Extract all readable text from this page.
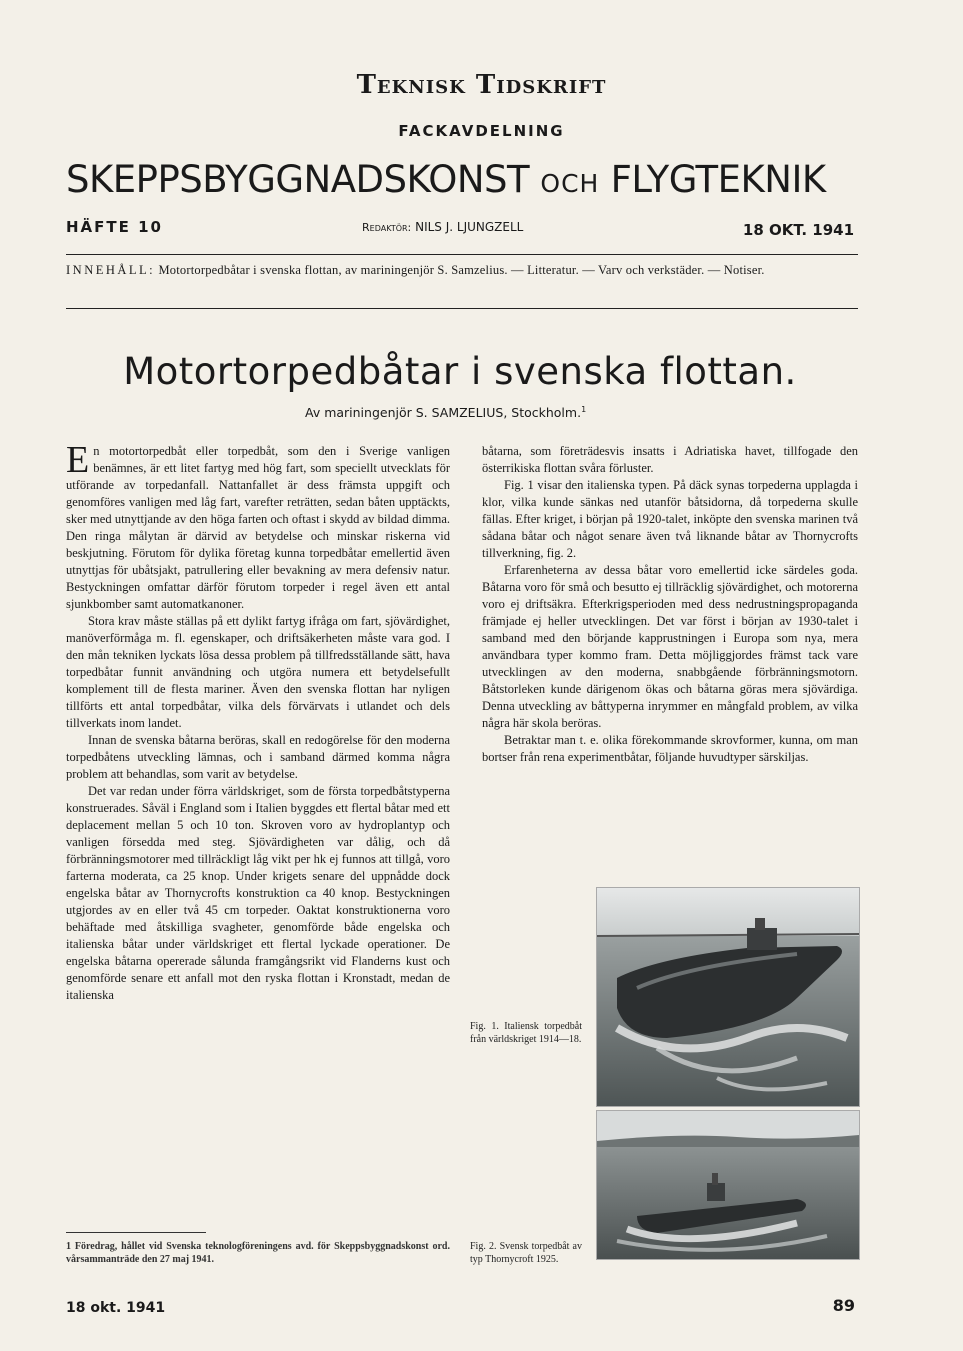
Teknisk Tidskrift
FACKAVDELNING
SKEPPSBYGGNADSKONST OCH FLYGTEKNIK
HÄFTE 10	Redaktör: NILS J. LJUNGZELL	18 OKT. 1941
INNEHÅLL: Motortorpedbåtar i svenska flottan, av mariningenjör S. Samzelius. — Litteratur. — Varv och verkstäder. — Notiser.
Motortorpedbåtar i svenska flottan.
Av mariningenjör S. SAMZELIUS, Stockholm.$^1$

En motortorpedbåt eller torpedbåt, som den i Sverige vanligen benämnes, är ett litet fartyg med hög fart, som speciellt utvecklats för utförande av torpedanfall. Nattanfallet är dess främsta uppgift och genomföres vanligen med låg fart, varefter reträtten, sedan båten upptäckts, sker med utnyttjande av den höga farten och oftast i skydd av bildad dimma. Den ringa målytan är därvid av betydelse och minskar riskerna vid beskjutning. Förutom för dylika företag kunna torpedbåtar emellertid även utnyttjas för ubåtsjakt, patrullering eller bevakning av mera defensiv natur. Bestyckningen omfattar därför förutom torpeder i regel även ett antal sjunkbomber samt automatkanoner.

Stora krav måste ställas på ett dylikt fartyg ifråga om fart, sjövärdighet, manöverförmåga m. fl. egenskaper, och driftsäkerheten måste vara god. I den mån tekniken lyckats lösa dessa problem på tillfredsställande sätt, hava torpedbåtar funnit användning och utgöra numera ett betydelsefullt komplement till de flesta mariner. Även den svenska flottan har nyligen tillförts ett antal torpedbåtar, vilka dels förvärvats i utlandet och dels tillverkats inom landet.

Innan de svenska båtarna beröras, skall en redogörelse för den moderna torpedbåtens utveckling lämnas, och i samband därmed komma några problem att behandlas, som varit av betydelse.

Det var redan under förra världskriget, som de första torpedbåtstyperna konstruerades. Såväl i England som i Italien byggdes ett flertal båtar med ett deplacement mellan 5 och 10 ton. Skroven voro av hydroplantyp och vanligen försedda med steg. Sjövärdigheten var dålig, och då förbränningsmotorer med tillräckligt låg vikt per hk ej funnos att tillgå, voro farterna moderata, ca 25 knop. Under krigets senare del uppnådde dock engelska båtar av Thornycrofts konstruktion ca 40 knop. Bestyckningen utgjordes av en eller två 45 cm torpeder. Oaktat konstruktionerna voro behäftade med åtskilliga svagheter, genomförde både engelska och italienska båtar under världskriget ett flertal lyckade operationer. De engelska båtarna opererade sålunda framgångsrikt vid Flanderns kust och genomförde senare ett anfall mot den ryska flottan i Kronstadt, medan de italienska

båtarna, som företrädesvis insatts i Adriatiska havet, tillfogade den österrikiska flottan svåra förluster.

Fig. 1 visar den italienska typen. På däck synas torpederna upplagda i klor, vilka kunde sänkas ned utanför båtsidorna, då torpederna skulle fällas. Efter kriget, i början på 1920-talet, inköpte den svenska marinen två sådana båtar och något senare även två liknande båtar av Thornycrofts tillverkning, fig. 2.

Erfarenheterna av dessa båtar voro emellertid icke särdeles goda. Båtarna voro för små och besutto ej tillräcklig sjövärdighet, och motorerna voro ej driftsäkra. Efterkrigsperioden med dess nedrustningspropaganda främjade ej heller utvecklingen. Det var först i början av 1930-talet i samband med den börjande kapprustningen i Europa som nya, mera användbara typer kommo fram. Detta möjliggjordes främst tack vare utvecklingen av den moderna, snabbgående förbränningsmotorn. Båtstorleken kunde därigenom ökas och båtarna göras mera sjövärdiga. Denna utveckling av båttyperna inrymmer en mångfald problem, av vilka några här skola beröras.

Betraktar man t. e. olika förekommande skrovformer, kunna, om man bortser från rena experimentbåtar, följande huvudtyper särskiljas.

1 Föredrag, hållet vid Svenska teknologföreningens avd. för Skeppsbyggnadskonst ord. vårsammanträde den 27 maj 1941.
Fig. 1. Italiensk torpedbåt från världskriget 1914—18.
Fig. 2. Svensk torpedbåt av typ Thornycroft 1925.
18 okt. 1941	89
